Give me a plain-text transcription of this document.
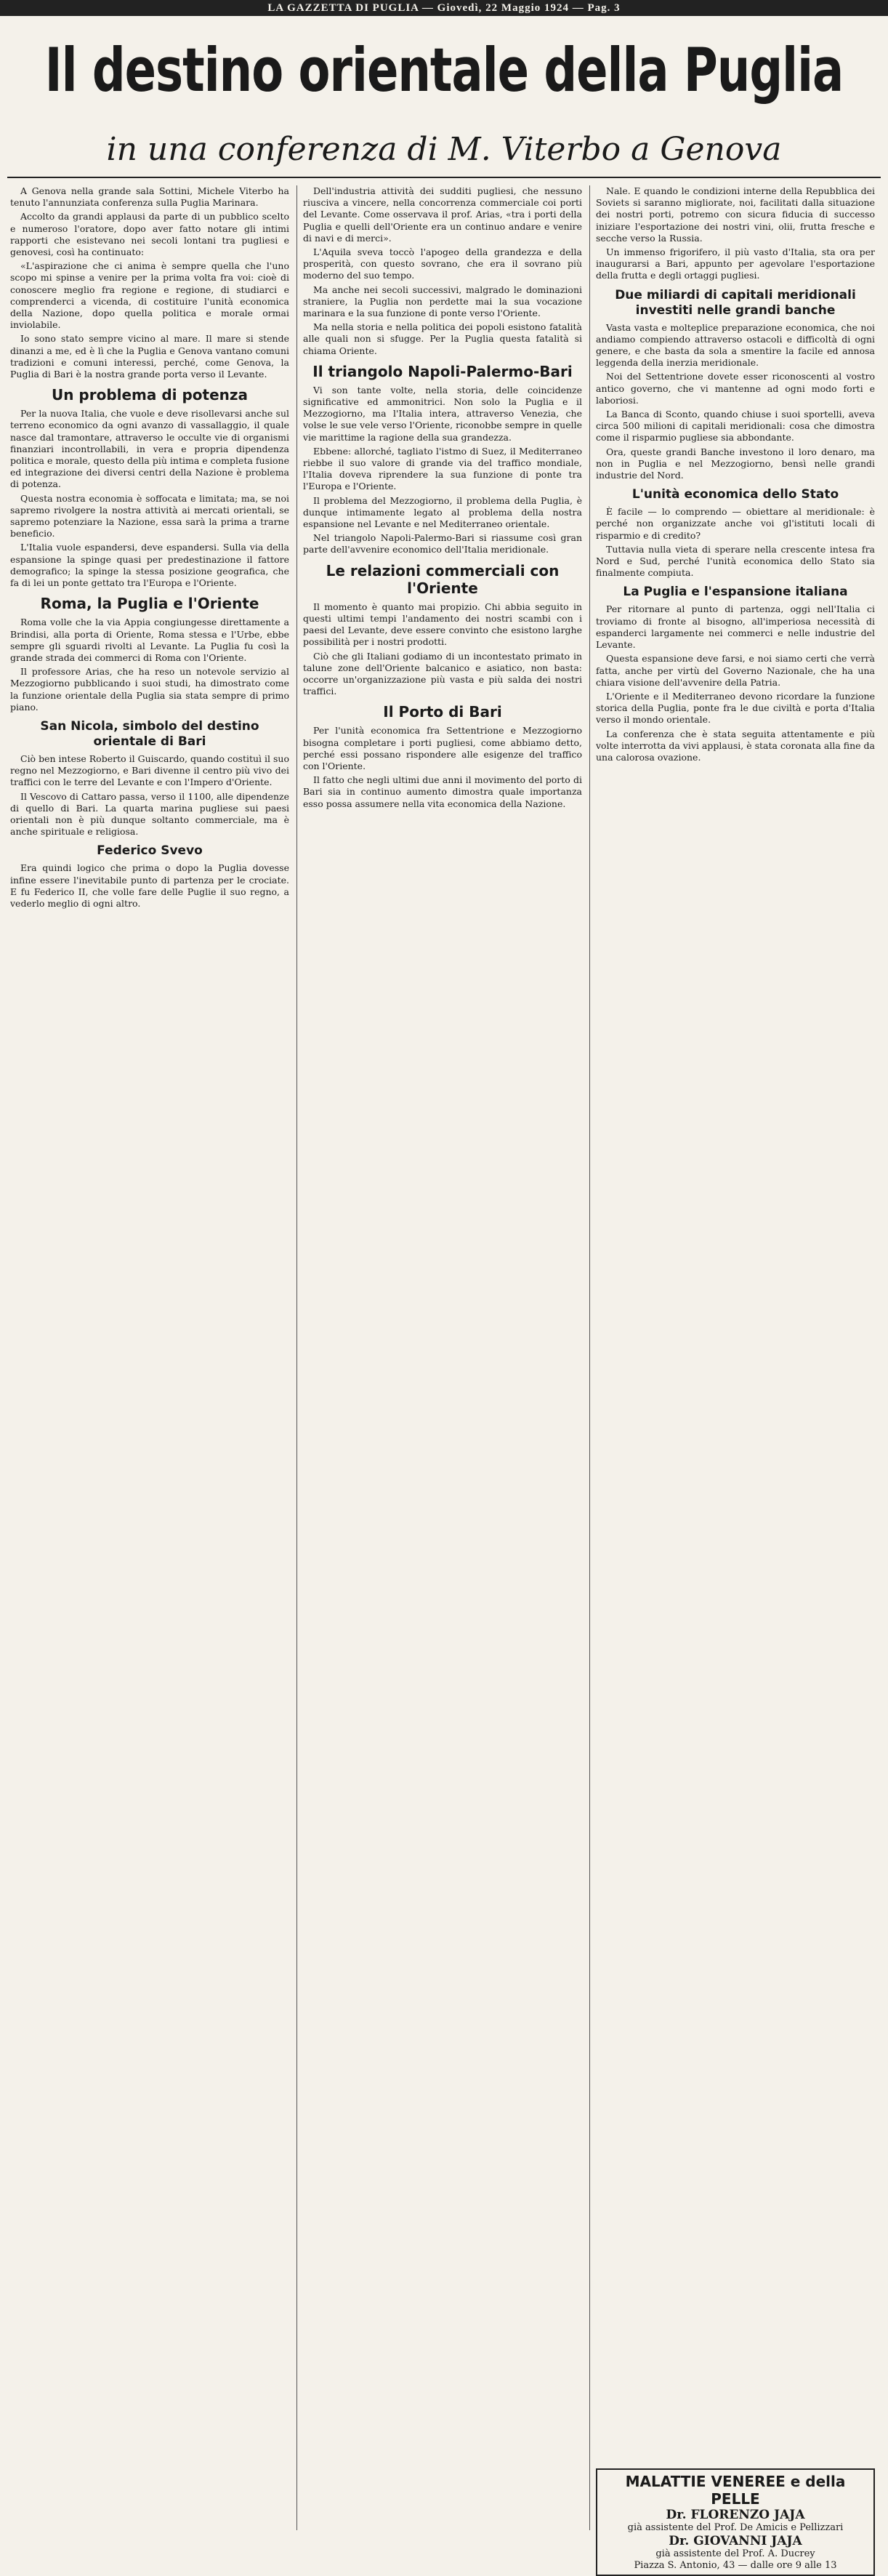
LA GAZZETTA DI PUGLIA — Giovedì, 22 Maggio 1924 — Pag. 3
Il destino orientale della Puglia
in una conferenza di M. Viterbo a Genova

A Genova nella grande sala Sottini, Michele Viterbo ha tenuto l'annunziata conferenza sulla Puglia Marinara.

Accolto da grandi applausi da parte di un pubblico scelto e numeroso l'oratore, dopo aver fatto notare gli intimi rapporti che esistevano nei secoli lontani tra pugliesi e genovesi, così ha continuato:

«L'aspirazione che ci anima è sempre quella che l'uno scopo mi spinse a venire per la prima volta fra voi: cioè di conoscere meglio fra regione e regione, di studiarci e comprenderci a vicenda, di costituire l'unità economica della Nazione, dopo quella politica e morale ormai inviolabile.

Io sono stato sempre vicino al mare. Il mare si stende dinanzi a me, ed è lì che la Puglia e Genova vantano comuni tradizioni e comuni interessi, perché, come Genova, la Puglia di Bari è la nostra grande porta verso il Levante.

Un problema di potenza

Per la nuova Italia, che vuole e deve risollevarsi anche sul terreno economico da ogni avanzo di vassallaggio, il quale nasce dal tramontare, attraverso le occulte vie di organismi finanziari incontrollabili, in vera e propria dipendenza politica e morale, questo della più intima e completa fusione ed integrazione dei diversi centri della Nazione è problema di potenza.

Questa nostra economia è soffocata e limitata; ma, se noi sapremo rivolgere la nostra attività ai mercati orientali, se sapremo potenziare la Nazione, essa sarà la prima a trarne beneficio.

L'Italia vuole espandersi, deve espandersi. Sulla via della espansione la spinge quasi per predestinazione il fattore demografico; la spinge la stessa posizione geografica, che fa di lei un ponte gettato tra l'Europa e l'Oriente.

Roma, la Puglia e l'Oriente

Roma volle che la via Appia congiungesse direttamente a Brindisi, alla porta di Oriente, Roma stessa e l'Urbe, ebbe sempre gli sguardi rivolti al Levante. La Puglia fu così la grande strada dei commerci di Roma con l'Oriente.

Il professore Arias, che ha reso un notevole servizio al Mezzogiorno pubblicando i suoi studi, ha dimostrato come la funzione orientale della Puglia sia stata sempre di primo piano.

San Nicola, simbolo del destino orientale di Bari

Ciò ben intese Roberto il Guiscardo, quando costituì il suo regno nel Mezzogiorno, e Bari divenne il centro più vivo dei traffici con le terre del Levante e con l'Impero d'Oriente.

Il Vescovo di Cattaro passa, verso il 1100, alle dipendenze di quello di Bari. La quarta marina pugliese sui paesi orientali non è più dunque soltanto commerciale, ma è anche spirituale e religiosa.

Federico Svevo

Era quindi logico che prima o dopo la Puglia dovesse infine essere l'inevitabile punto di partenza per le crociate. E fu Federico II, che volle fare delle Puglie il suo regno, a vederlo meglio di ogni altro.

Dell'industria attività dei sudditi pugliesi, che nessuno riusciva a vincere, nella concorrenza commerciale coi porti del Levante. Come osservava il prof. Arias, «tra i porti della Puglia e quelli dell'Oriente era un continuo andare e venire di navi e di merci».

L'Aquila sveva toccò l'apogeo della grandezza e della prosperità, con questo sovrano, che era il sovrano più moderno del suo tempo.

Ma anche nei secoli successivi, malgrado le dominazioni straniere, la Puglia non perdette mai la sua vocazione marinara e la sua funzione di ponte verso l'Oriente.

Ma nella storia e nella politica dei popoli esistono fatalità alle quali non si sfugge. Per la Puglia questa fatalità si chiama Oriente.

Il triangolo Napoli-Palermo-Bari

Vi son tante volte, nella storia, delle coincidenze significative ed ammonitrici. Non solo la Puglia e il Mezzogiorno, ma l'Italia intera, attraverso Venezia, che volse le sue vele verso l'Oriente, riconobbe sempre in quelle vie marittime la ragione della sua grandezza.

Ebbene: allorché, tagliato l'istmo di Suez, il Mediterraneo riebbe il suo valore di grande via del traffico mondiale, l'Italia doveva riprendere la sua funzione di ponte tra l'Europa e l'Oriente.

Il problema del Mezzogiorno, il problema della Puglia, è dunque intimamente legato al problema della nostra espansione nel Levante e nel Mediterraneo orientale.

Nel triangolo Napoli-Palermo-Bari si riassume così gran parte dell'avvenire economico dell'Italia meridionale.

Le relazioni commerciali con l'Oriente

Il momento è quanto mai propizio. Chi abbia seguito in questi ultimi tempi l'andamento dei nostri scambi con i paesi del Levante, deve essere convinto che esistono larghe possibilità per i nostri prodotti.

Ciò che gli Italiani godiamo di un incontestato primato in talune zone dell'Oriente balcanico e asiatico, non basta: occorre un'organizzazione più vasta e più salda dei nostri traffici.

Il Porto di Bari

Per l'unità economica fra Settentrione e Mezzogiorno bisogna completare i porti pugliesi, come abbiamo detto, perché essi possano rispondere alle esigenze del traffico con l'Oriente.

Il fatto che negli ultimi due anni il movimento del porto di Bari sia in continuo aumento dimostra quale importanza esso possa assumere nella vita economica della Nazione.

Nale. E quando le condizioni interne della Repubblica dei Soviets si saranno migliorate, noi, facilitati dalla situazione dei nostri porti, potremo con sicura fiducia di successo iniziare l'esportazione dei nostri vini, olii, frutta fresche e secche verso la Russia.

Un immenso frigorifero, il più vasto d'Italia, sta ora per inaugurarsi a Bari, appunto per agevolare l'esportazione della frutta e degli ortaggi pugliesi.

Due miliardi di capitali meridionali investiti nelle grandi banche

Vasta vasta e molteplice preparazione economica, che noi andiamo compiendo attraverso ostacoli e difficoltà di ogni genere, e che basta da sola a smentire la facile ed annosa leggenda della inerzia meridionale.

Noi del Settentrione dovete esser riconoscenti al vostro antico governo, che vi mantenne ad ogni modo forti e laboriosi.

La Banca di Sconto, quando chiuse i suoi sportelli, aveva circa 500 milioni di capitali meridionali: cosa che dimostra come il risparmio pugliese sia abbondante.

Ora, queste grandi Banche investono il loro denaro, ma non in Puglia e nel Mezzogiorno, bensì nelle grandi industrie del Nord.

L'unità economica dello Stato

È facile — lo comprendo — obiettare al meridionale: è perché non organizzate anche voi gl'istituti locali di risparmio e di credito?

Tuttavia nulla vieta di sperare nella crescente intesa fra Nord e Sud, perché l'unità economica dello Stato sia finalmente compiuta.

La Puglia e l'espansione italiana

Per ritornare al punto di partenza, oggi nell'Italia ci troviamo di fronte al bisogno, all'imperiosa necessità di espanderci largamente nei commerci e nelle industrie del Levante.

Questa espansione deve farsi, e noi siamo certi che verrà fatta, anche per virtù del Governo Nazionale, che ha una chiara visione dell'avvenire della Patria.

L'Oriente e il Mediterraneo devono ricordare la funzione storica della Puglia, ponte fra le due civiltà e porta d'Italia verso il mondo orientale.

La conferenza che è stata seguita attentamente e più volte interrotta da vivi applausi, è stata coronata alla fine da una calorosa ovazione.

MALATTIE VENEREE e della PELLE
Dr. FLORENZO JAJA
già assistente del Prof. De Amicis e Pellizzari
Dr. GIOVANNI JAJA
già assistente del Prof. A. Ducrey
Piazza S. Antonio, 43 — dalle ore 9 alle 13
